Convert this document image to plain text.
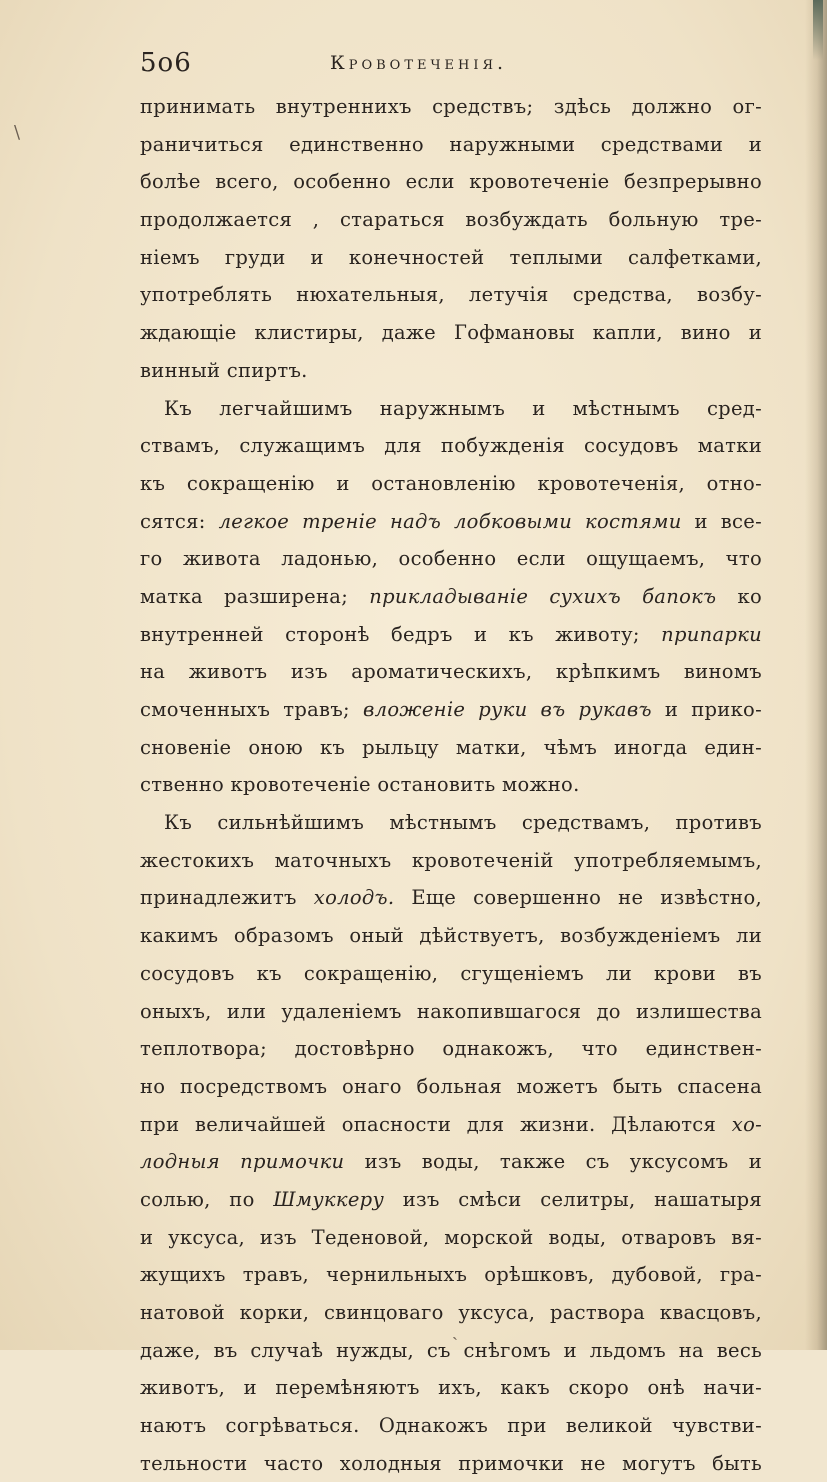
5о6	Кровотеченія.
\
принимать внутреннихъ средствъ; здѣсь должно ог-
раничиться единственно наружными средствами и
болѣе всего, особенно если кровотеченіе безпрерывно
продолжается , стараться возбуждать больную тре-
ніемъ груди и конечностей теплыми салфетками,
употреблять нюхательныя, летучія средства, возбу-
ждающіе клистиры, даже Гофмановы капли, вино и
винный спиртъ.
Къ легчайшимъ наружнымъ и мѣстнымъ сред-
ствамъ, служащимъ для побужденія сосудовъ матки
къ сокращенію и остановленію кровотеченія, отно-
сятся: легкое треніе надъ лобковыми костями и все-
го живота ладонью, особенно если ощущаемъ, что
матка разширена; прикладываніе сухихъ бапокъ ко
внутренней сторонѣ бедръ и къ животу; припарки
на животъ изъ ароматическихъ, крѣпкимъ виномъ
смоченныхъ травъ; вложеніе руки въ рукавъ и прико-
сновеніе оною къ рыльцу матки, чѣмъ иногда един-
ственно кровотеченіе остановить можно.
Къ сильнѣйшимъ мѣстнымъ средствамъ, противъ
жестокихъ маточныхъ кровотеченій употребляемымъ,
принадлежитъ холодъ. Еще совершенно не извѣстно,
какимъ образомъ оный дѣйствуетъ, возбужденіемъ ли
сосудовъ къ сокращенію, сгущеніемъ ли крови въ
оныхъ, или удаленіемъ накопившагося до излишества
теплотвора; достовѣрно однакожъ, что единствен-
но посредствомъ онаго больная можетъ быть спасена
при величайшей опасности для жизни. Дѣлаются хо-
лодныя примочки изъ воды, также съ уксусомъ и
солью, по Шмуккеру изъ смѣси селитры, нашатыря
и уксуса, изъ Теденовой, морской воды, отваровъ вя-
жущихъ травъ, чернильныхъ орѣшковъ, дубовой, гра-
натовой корки, свинцоваго уксуса, раствора квасцовъ,
даже, въ случаѣ нужды, съ снѣгомъ и льдомъ на весь
животъ, и перемѣняютъ ихъ, какъ скоро онѣ начи-
наютъ согрѣваться. Однакожъ при великой чувстви-
тельности часто холодныя примочки не могутъ быть
ˎ
